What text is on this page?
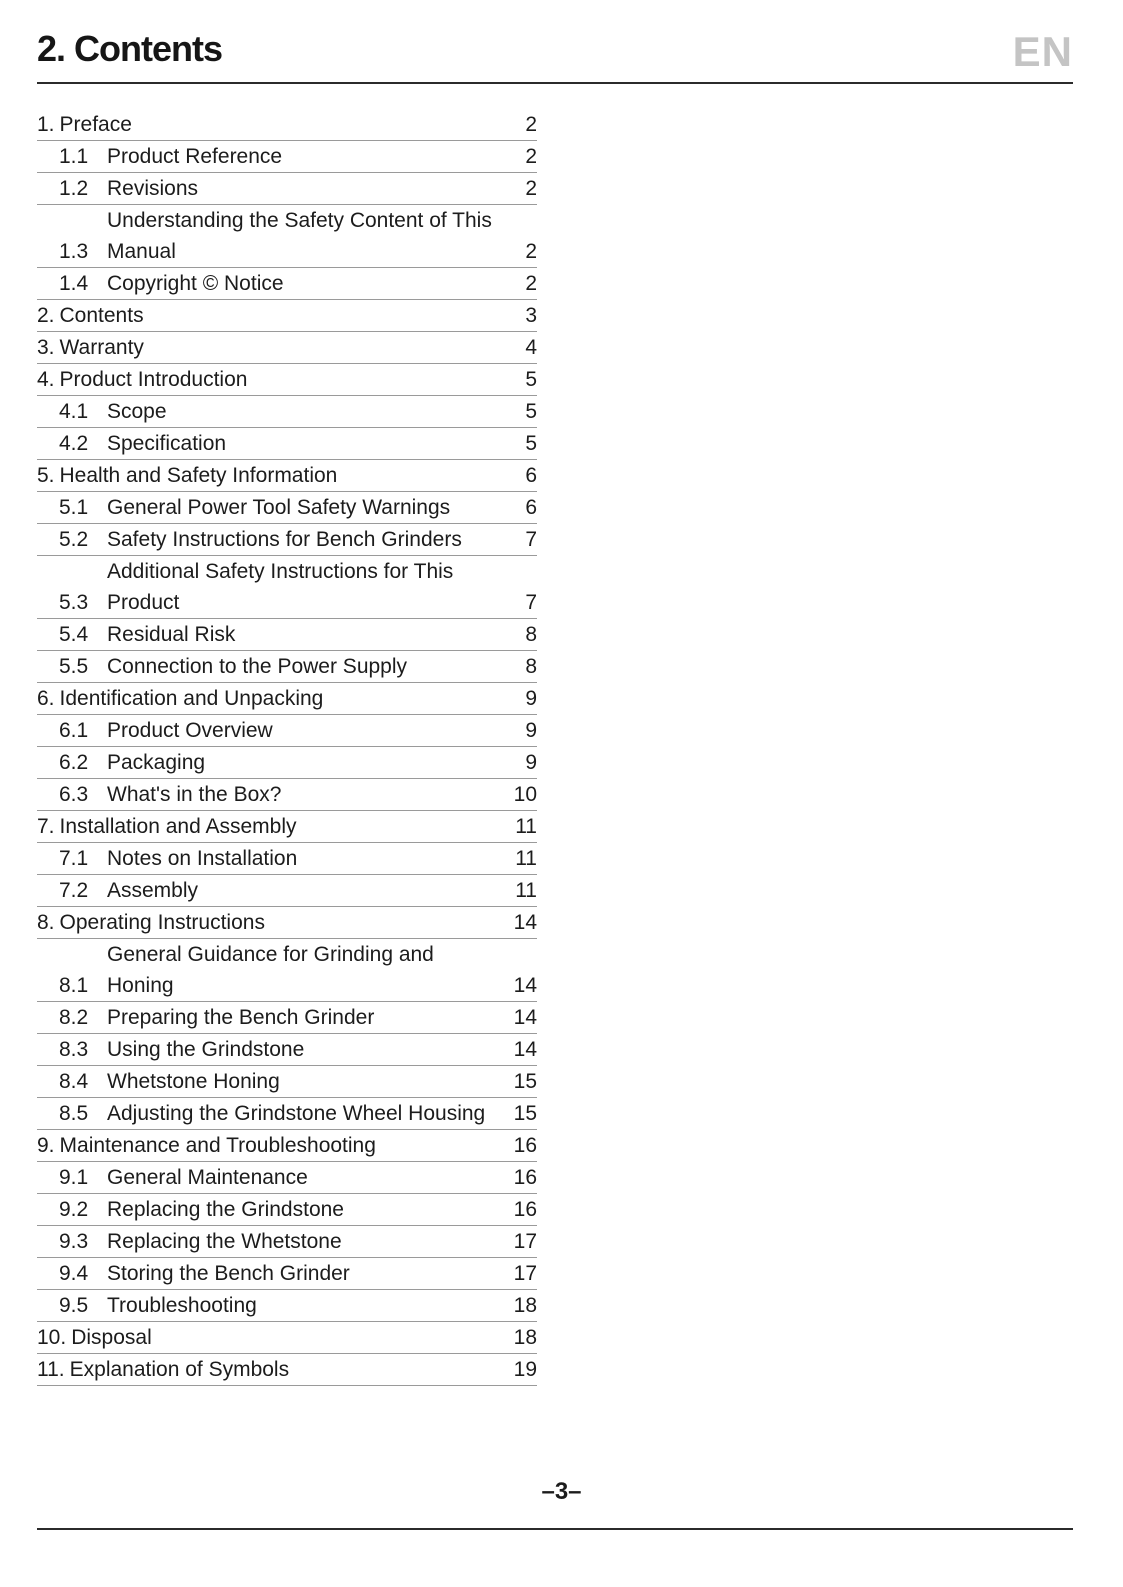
2. Contents	EN
1. Preface	2
1.1 Product Reference	2
1.2 Revisions	2
1.3
Understanding the Safety Content of This Manual	2
1.4 Copyright © Notice	2
2. Contents	3
3. Warranty	4
4. Product Introduction	5
4.1 Scope	5
4.2 Specification	5
5. Health and Safety Information	6
5.1 General Power Tool Safety Warnings	6
5.2 Safety Instructions for Bench Grinders	7
5.3
Additional Safety Instructions for This Product	7
5.4 Residual Risk	8
5.5 Connection to the Power Supply	8
6. Identification and Unpacking	9
6.1 Product Overview	9
6.2 Packaging	9
6.3 What's in the Box?	10
7. Installation and Assembly	11
7.1 Notes on Installation	11
7.2 Assembly	11
8. Operating Instructions	14
8.1
General Guidance for Grinding and Honing	14
8.2 Preparing the Bench Grinder	14
8.3 Using the Grindstone	14
8.4 Whetstone Honing	15
8.5 Adjusting the Grindstone Wheel Housing	15
9. Maintenance and Troubleshooting	16
9.1 General Maintenance	16
9.2 Replacing the Grindstone	16
9.3 Replacing the Whetstone	17
9.4 Storing the Bench Grinder	17
9.5 Troubleshooting	18
10. Disposal	18
11. Explanation of Symbols	19
–3–
